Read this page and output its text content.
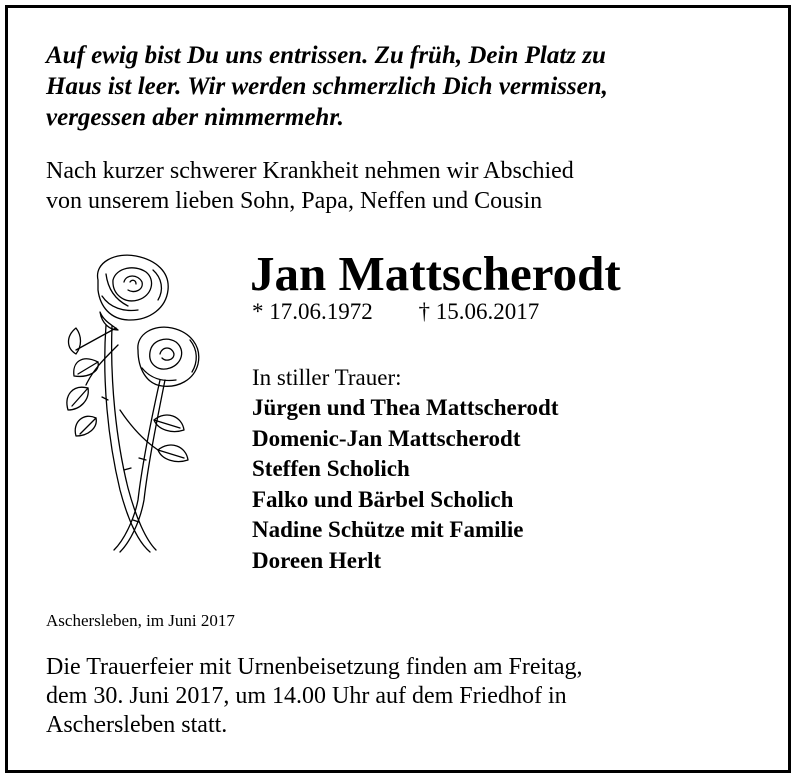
Auf ewig bist Du uns entrissen. Zu früh, Dein Platz zu
Haus ist leer. Wir werden schmerzlich Dich vermissen,
vergessen aber nimmermehr.
Nach kurzer schwerer Krankheit nehmen wir Abschied
von unserem lieben Sohn, Papa, Neffen und Cousin
Jan Mattscherodt
* 17.06.1972 † 15.06.2017
In stiller Trauer:
Jürgen und Thea Mattscherodt
Domenic-Jan Mattscherodt
Steffen Scholich
Falko und Bärbel Scholich
Nadine Schütze mit Familie
Doreen Herlt
Aschersleben, im Juni 2017
Die Trauerfeier mit Urnenbeisetzung finden am Freitag,
dem 30. Juni 2017, um 14.00 Uhr auf dem Friedhof in
Aschersleben statt.
